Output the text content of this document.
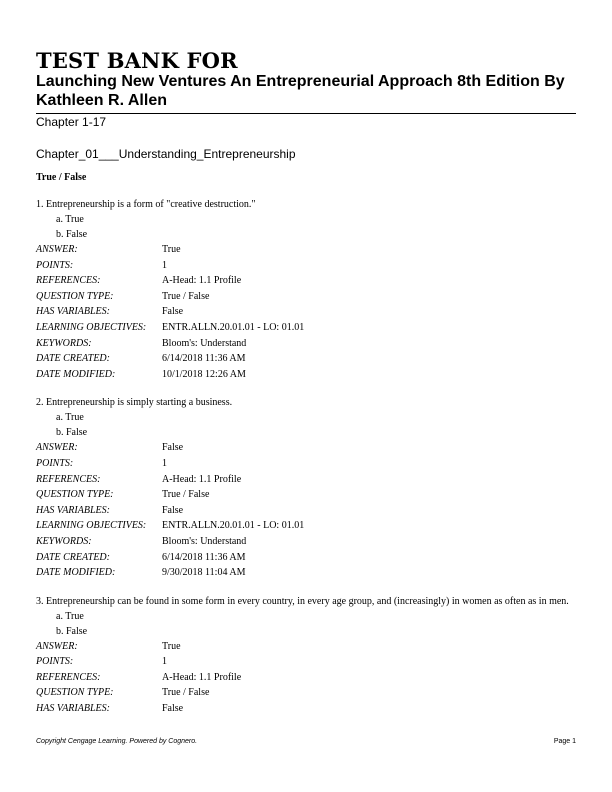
TEST BANK FOR
Launching New Ventures An Entrepreneurial Approach 8th Edition By Kathleen R. Allen

Chapter 1-17

Chapter_01___Understanding_Entrepreneurship

True / False

1. Entrepreneurship is a form of "creative destruction."
a. True
b. False
ANSWER:	True
POINTS:	1
REFERENCES:	A-Head: 1.1 Profile
QUESTION TYPE:	True / False
HAS VARIABLES:	False
LEARNING OBJECTIVES:	ENTR.ALLN.20.01.01 - LO: 01.01
KEYWORDS:	Bloom's: Understand
DATE CREATED:	6/14/2018 11:36 AM
DATE MODIFIED:	10/1/2018 12:26 AM
2. Entrepreneurship is simply starting a business.
a. True
b. False
ANSWER:	False
POINTS:	1
REFERENCES:	A-Head: 1.1 Profile
QUESTION TYPE:	True / False
HAS VARIABLES:	False
LEARNING OBJECTIVES:	ENTR.ALLN.20.01.01 - LO: 01.01
KEYWORDS:	Bloom's: Understand
DATE CREATED:	6/14/2018 11:36 AM
DATE MODIFIED:	9/30/2018 11:04 AM
3. Entrepreneurship can be found in some form in every country, in every age group, and (increasingly) in women as often as in men.
a. True
b. False
ANSWER:	True
POINTS:	1
REFERENCES:	A-Head: 1.1 Profile
QUESTION TYPE:	True / False
HAS VARIABLES:	False
Copyright Cengage Learning. Powered by Cognero.	Page 1
